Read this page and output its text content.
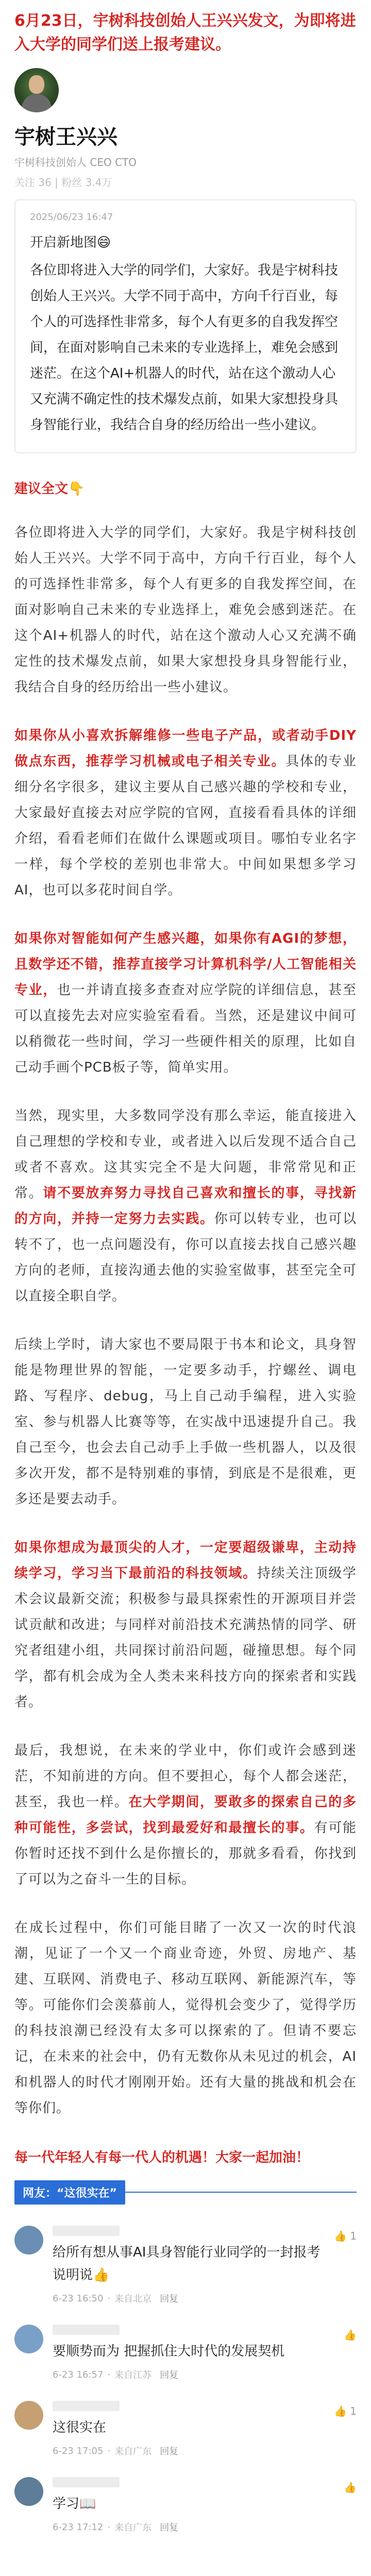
6月23日，宇树科技创始人王兴兴发文，为即将进入大学的同学们送上报考建议。
宇树王兴兴
宇树科技创始人 CEO CTO
关注 36 | 粉丝 3.4万
2025/06/23 16:47

开启新地图😄

各位即将进入大学的同学们，大家好。我是宇树科技创始人王兴兴。大学不同于高中，方向千行百业，每个人的可选择性非常多，每个人有更多的自我发挥空间，在面对影响自己未来的专业选择上，难免会感到迷茫。在这个AI+机器人的时代，站在这个激动人心又充满不确定性的技术爆发点前，如果大家想投身具身智能行业，我结合自身的经历给出一些小建议。

建议全文👇

各位即将进入大学的同学们，大家好。我是宇树科技创始人王兴兴。大学不同于高中，方向千行百业，每个人的可选择性非常多，每个人有更多的自我发挥空间，在面对影响自己未来的专业选择上，难免会感到迷茫。在这个AI+机器人的时代，站在这个激动人心又充满不确定性的技术爆发点前，如果大家想投身具身智能行业，我结合自身的经历给出一些小建议。

如果你从小喜欢拆解维修一些电子产品，或者动手DIY做点东西，推荐学习机械或电子相关专业。具体的专业细分名字很多，建议主要从自己感兴趣的学校和专业，大家最好直接去对应学院的官网，直接看看具体的详细介绍，看看老师们在做什么课题或项目。哪怕专业名字一样，每个学校的差别也非常大。中间如果想多学习AI，也可以多花时间自学。

如果你对智能如何产生感兴趣，如果你有AGI的梦想，且数学还不错，推荐直接学习计算机科学/人工智能相关专业，也一并请直接多查查对应学院的详细信息，甚至可以直接先去对应实验室看看。当然，还是建议中间可以稍微花一些时间，学习一些硬件相关的原理，比如自己动手画个PCB板子等，简单实用。

当然，现实里，大多数同学没有那么幸运，能直接进入自己理想的学校和专业，或者进入以后发现不适合自己或者不喜欢。这其实完全不是大问题，非常常见和正常。请不要放弃努力寻找自己喜欢和擅长的事，寻找新的方向，并持一定努力去实践。你可以转专业，也可以转不了，也一点问题没有，你可以直接去找自己感兴趣方向的老师，直接沟通去他的实验室做事，甚至完全可以直接全职自学。

后续上学时，请大家也不要局限于书本和论文，具身智能是物理世界的智能，一定要多动手，拧螺丝、调电路、写程序、debug，马上自己动手编程，进入实验室、参与机器人比赛等等，在实战中迅速提升自己。我自己至今，也会去自己动手上手做一些机器人，以及很多次开发，都不是特别难的事情，到底是不是很难，更多还是要去动手。

如果你想成为最顶尖的人才，一定要超级谦卑，主动持续学习，学习当下最前沿的科技领域。持续关注顶级学术会议最新交流；积极参与最具探索性的开源项目并尝试贡献和改进；与同样对前沿技术充满热情的同学、研究者组建小组，共同探讨前沿问题，碰撞思想。每个同学，都有机会成为全人类未来科技方向的探索者和实践者。

最后，我想说，在未来的学业中，你们或许会感到迷茫，不知前进的方向。但不要担心，每个人都会迷茫，甚至，我也一样。在大学期间，要敢多的探索自己的多种可能性，多尝试，找到最爱好和最擅长的事。有可能你暂时还找不到什么是你擅长的，那就多看看，你找到了可以为之奋斗一生的目标。

在成长过程中，你们可能目睹了一次又一次的时代浪潮，见证了一个又一个商业奇迹，外贸、房地产、基建、互联网、消费电子、移动互联网、新能源汽车，等等。可能你们会羡慕前人，觉得机会变少了，觉得学历的科技浪潮已经没有太多可以探索的了。但请不要忘记，在未来的社会中，仍有无数你从未见过的机会，AI和机器人的时代才刚刚开始。还有大量的挑战和机会在等你们。

每一代年轻人有每一代人的机遇！大家一起加油！

网友：“这很实在”
给所有想从事AI具身智能行业同学的一封报考说明说👍
6-23 16:50 · 来自北京 回复
👍 1
要顺势而为 把握抓住大时代的发展契机
6-23 16:57 · 来自江苏 回复
👍
这很实在
6-23 17:05 · 来自广东 回复
👍 1
学习📖
6-23 17:12 · 来自广东 回复
👍
